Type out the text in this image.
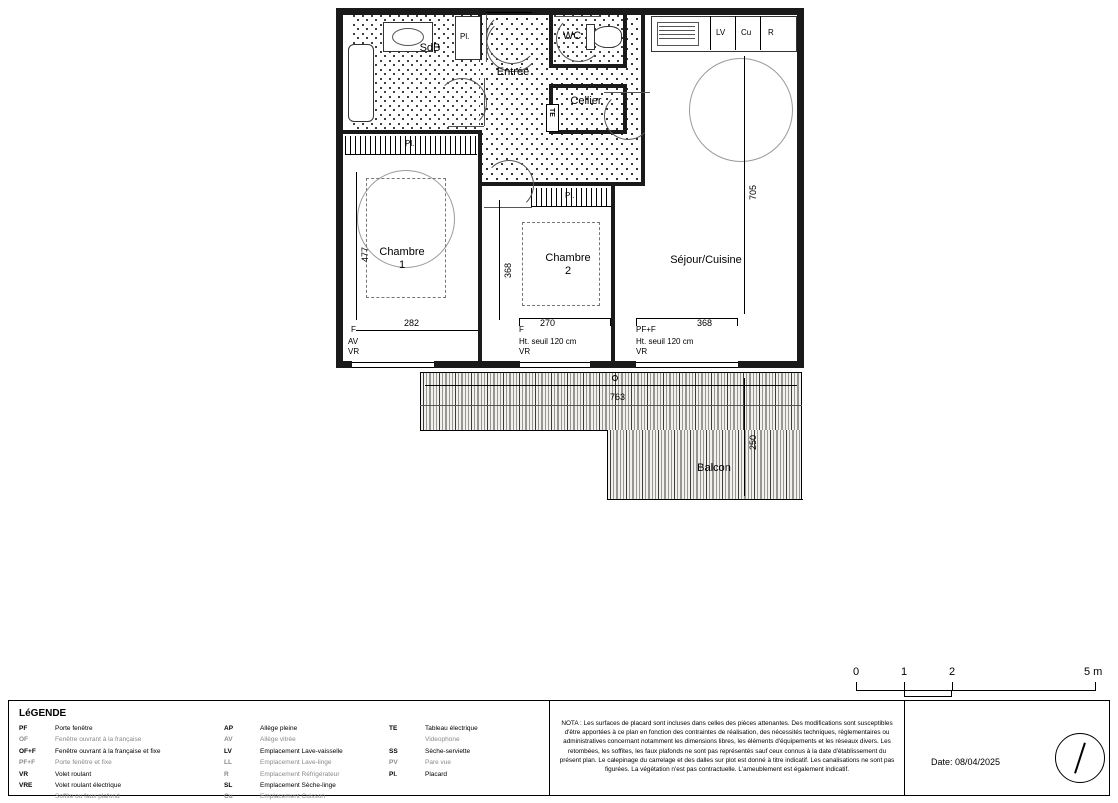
SdB
WC
Entrée
Cellier
Chambre
1
Chambre
2
Séjour/Cuisine
Balcon
Pl.
Pl.
Pl.
TE
LV Cu R
705
477
368
282	270	368
763
250
F
AV
VR
F
Ht. seuil 120 cm
VR
PF+F
Ht. seuil 120 cm
VR
0	1	2	5 m
LéGENDE
PF	Porte fenêtre
OF	Fenêtre ouvrant à la française
OF+F	Fenêtre ouvrant à la française et fixe
PF+F	Porte fenêtre et fixe
VR	Volet roulant
VRE	Volet roulant électrique
Soffite ou faux plafond
AP	Allège pleine
AV	Allège vitrée
LV	Emplacement Lave-vaisselle
LL	Emplacement Lave-linge
R	Emplacement Réfrigérateur
SL	Emplacement Sèche-linge
Cu	Emplacement Cuisson
TE	Tableau électrique
Videophone
SS	Sèche-serviette
PV	Pare vue
Pl.	Placard
NOTA : Les surfaces de placard sont incluses dans celles des pièces attenantes. Des modifications sont susceptibles d'être apportées à ce plan en fonction des contraintes de réalisation, des nécessités techniques, réglementaires ou administratives concernant notamment les dimensions libres, les éléments d'équipements et les réseaux divers. Les retombées, les soffites, les faux plafonds ne sont pas représentés sauf ceux connus à la date d'établissement du présent plan. Le calepinage du carrelage et des dalles sur plot est donné à titre indicatif. Les canalisations ne sont pas figurées. La végétation n'est pas contractuelle. L'ameublement est également indicatif.
Date: 08/04/2025
